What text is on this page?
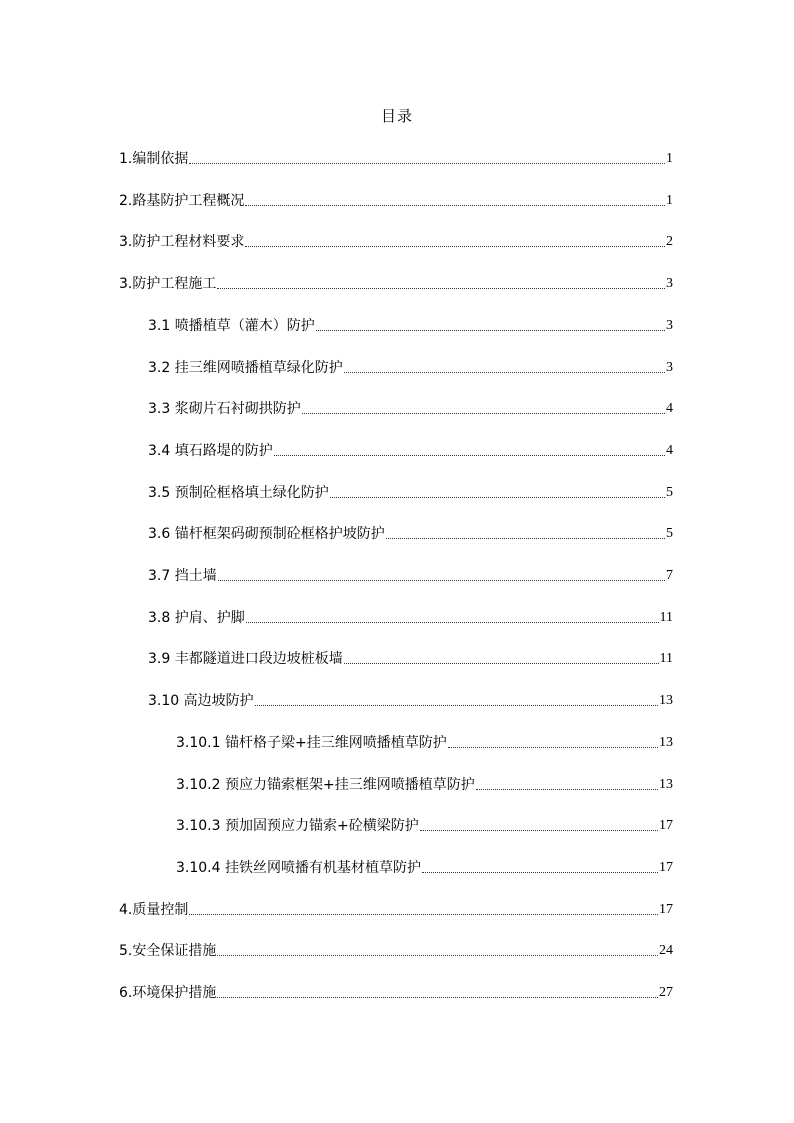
目录
1.编制依据	1
2.路基防护工程概况	1
3.防护工程材料要求	2
3.防护工程施工	3
3.1 喷播植草（灌木）防护	3
3.2 挂三维网喷播植草绿化防护	3
3.3 浆砌片石衬砌拱防护	4
3.4 填石路堤的防护	4
3.5 预制砼框格填土绿化防护	5
3.6 锚杆框架码砌预制砼框格护坡防护	5
3.7 挡土墙	7
3.8 护肩、护脚	11
3.9 丰都隧道进口段边坡桩板墙	11
3.10 高边坡防护	13
3.10.1 锚杆格子梁+挂三维网喷播植草防护	13
3.10.2 预应力锚索框架+挂三维网喷播植草防护	13
3.10.3 预加固预应力锚索+砼横梁防护	17
3.10.4 挂铁丝网喷播有机基材植草防护	17
4.质量控制	17
5.安全保证措施	24
6.环境保护措施	27
